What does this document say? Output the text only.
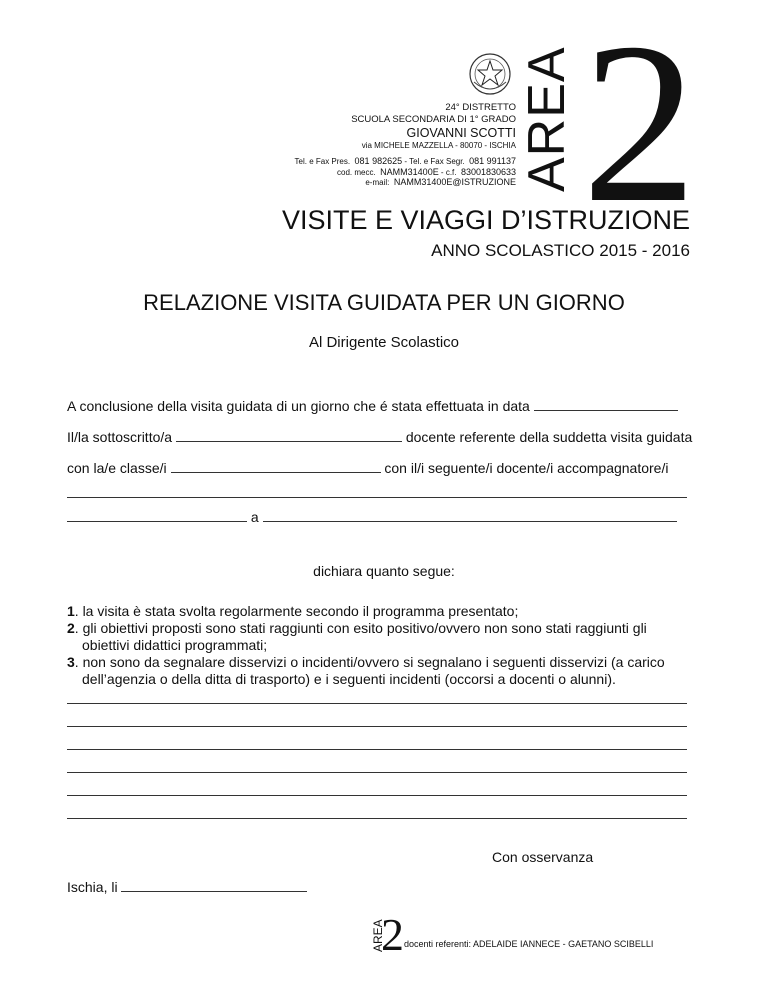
AREA 2
24° DISTRETTO
SCUOLA SECONDARIA DI 1° GRADO
GIOVANNI SCOTTI
via MICHELE MAZZELLA - 80070 - ISCHIA
Tel. e Fax Pres. 081 982625 - Tel. e Fax Segr. 081 991137
cod. mecc. NAMM31400E - c.f. 83001830633
e-mail: NAMM31400E@ISTRUZIONE
VISITE E VIAGGI D’ISTRUZIONE
ANNO SCOLASTICO 2015 - 2016
RELAZIONE VISITA GUIDATA PER UN GIORNO
Al Dirigente Scolastico
A conclusione della visita guidata di un giorno che é stata effettuata in data
Il/la sottoscritto/a	docente referente della suddetta visita guidata
con la/e classe/i	con il/i seguente/i docente/i accompagnatore/i
a
dichiara quanto segue:
1. la visita è stata svolta regolarmente secondo il programma presentato;
2. gli obiettivi proposti sono stati raggiunti con esito positivo/ovvero non sono stati raggiunti gli
obiettivi didattici programmati;
3. non sono da segnalare disservizi o incidenti/ovvero si segnalano i seguenti disservizi (a carico
dell’agenzia o della ditta di trasporto) e i seguenti incidenti (occorsi a docenti o alunni).
Con osservanza
Ischia, li
AREA
2 docenti referenti: ADELAIDE IANNECE - GAETANO SCIBELLI
